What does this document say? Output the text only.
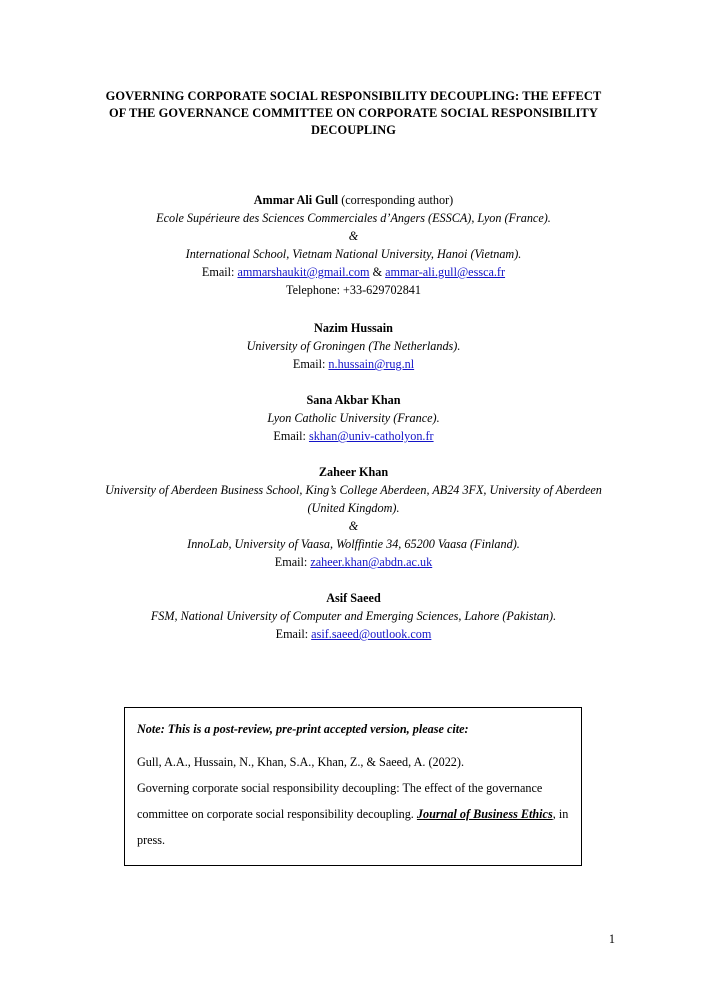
GOVERNING CORPORATE SOCIAL RESPONSIBILITY DECOUPLING: THE EFFECT OF THE GOVERNANCE COMMITTEE ON CORPORATE SOCIAL RESPONSIBILITY DECOUPLING
Ammar Ali Gull (corresponding author)
Ecole Supérieure des Sciences Commerciales d’Angers (ESSCA), Lyon (France).
&
International School, Vietnam National University, Hanoi (Vietnam).
Email: ammarshaukit@gmail.com & ammar-ali.gull@essca.fr
Telephone: +33-629702841
Nazim Hussain
University of Groningen (The Netherlands).
Email: n.hussain@rug.nl
Sana Akbar Khan
Lyon Catholic University (France).
Email: skhan@univ-catholyon.fr
Zaheer Khan
University of Aberdeen Business School, King’s College Aberdeen, AB24 3FX, University of Aberdeen (United Kingdom).
&
InnoLab, University of Vaasa, Wolffintie 34, 65200 Vaasa (Finland).
Email: zaheer.khan@abdn.ac.uk
Asif Saeed
FSM, National University of Computer and Emerging Sciences, Lahore (Pakistan).
Email: asif.saeed@outlook.com
Note: This is a post-review, pre-print accepted version, please cite:
Gull, A.A., Hussain, N., Khan, S.A., Khan, Z., & Saeed, A. (2022).
Governing corporate social responsibility decoupling: The effect of the governance committee on corporate social responsibility decoupling. Journal of Business Ethics, in press.
1
